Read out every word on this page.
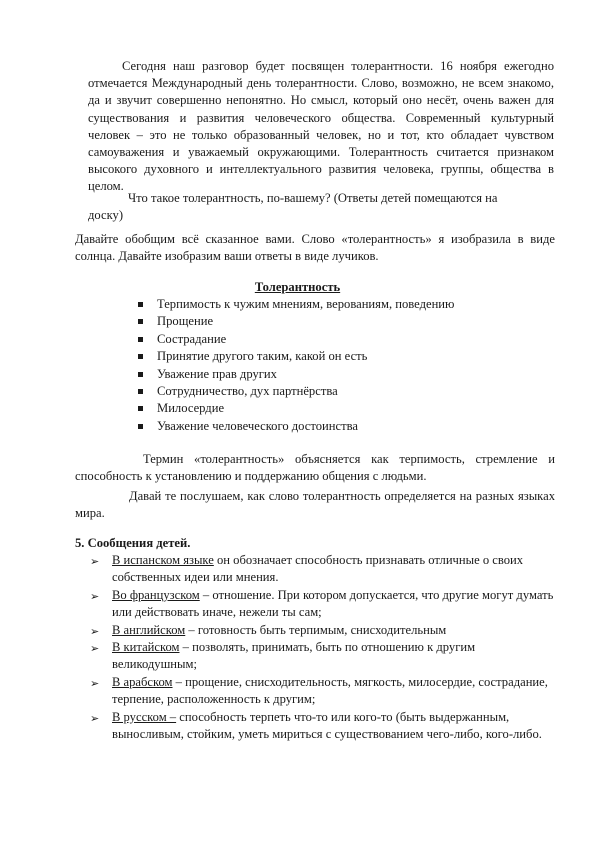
Сегодня наш разговор будет посвящен толерантности. 16 ноября ежегодно отмечается Международный день толерантности. Слово, возможно, не всем знакомо, да и звучит совершенно непонятно. Но смысл, который оно несёт, очень важен для существования и развития человеческого общества. Современный культурный человек – это не только образованный человек, но и тот, кто обладает чувством самоуважения и уважаемый окружающими. Толерантность считается признаком высокого духовного и интеллектуального развития человека, группы, общества в целом.

Что такое толерантность, по-вашему? (Ответы детей помещаются на

доску)

Давайте обобщим всё сказанное вами. Слово «толерантность» я изобразила в виде солнца. Давайте изобразим ваши ответы в виде лучиков.

Толерантность
Терпимость к чужим мнениям, верованиям, поведению
Прощение
Сострадание
Принятие другого таким, какой он есть
Уважение прав других
Сотрудничество, дух партнёрства
Милосердие
Уважение человеческого достоинства

Термин «толерантность» объясняется как терпимость, стремление и способность к установлению и поддержанию общения с людьми.

Давай те послушаем, как слово толерантность определяется на разных языках мира.

5. Сообщения детей.
➢ В испанском языке он обозначает способность признавать отличные о своих собственных идеи или мнения.
➢ Во французском – отношение. При котором допускается, что другие могут думать или действовать иначе, нежели ты сам;
➢ В английском – готовность быть терпимым, снисходительным
➢ В китайском – позволять, принимать, быть по отношению к другим великодушным;
➢ В арабском – прощение, снисходительность, мягкость, милосердие, сострадание, терпение, расположенность к другим;
➢ В русском – способность терпеть что-то или кого-то (быть выдержанным, выносливым, стойким, уметь мириться с существованием чего-либо, кого-либо.
